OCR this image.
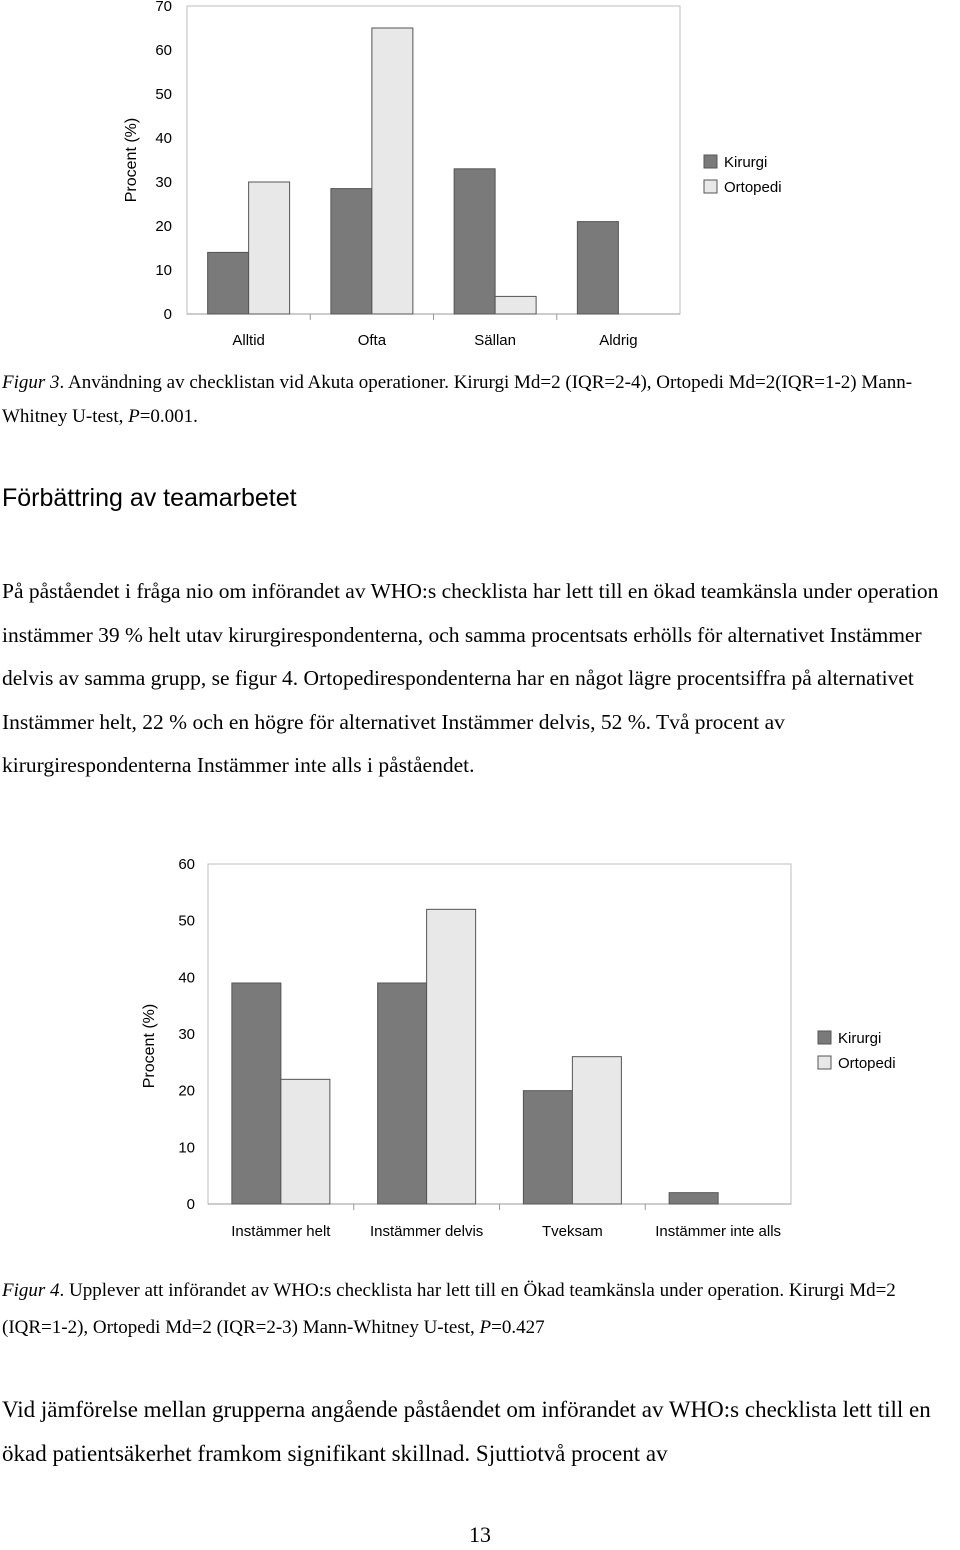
0
10
20
30
40
50
60
70
Procent (%)
Alltid	Ofta	Sällan	Aldrig
Kirurgi
Ortopedi
Figur 3. Användning av checklistan vid Akuta operationer. Kirurgi Md=2 (IQR=2-4), Ortopedi Md=2(IQR=1-2) Mann-Whitney U-test, P=0.001.
Förbättring av teamarbetet
På påståendet i fråga nio om införandet av WHO:s checklista har lett till en ökad teamkänsla under operation instämmer 39 % helt utav kirurgirespondenterna, och samma procentsats erhölls för alternativet Instämmer delvis av samma grupp, se figur 4. Ortopedirespondenterna har en något lägre procentsiffra på alternativet Instämmer helt, 22 % och en högre för alternativet Instämmer delvis, 52 %. Två procent av kirurgirespondenterna Instämmer inte alls i påståendet.
0
10
20
30
40
50
60
Procent (%)
Instämmer helt	Instämmer delvis	Tveksam	Instämmer inte alls
Kirurgi
Ortopedi
Figur 4. Upplever att införandet av WHO:s checklista har lett till en Ökad teamkänsla under operation. Kirurgi Md=2 (IQR=1-2), Ortopedi Md=2 (IQR=2-3) Mann-Whitney U-test, P=0.427
Vid jämförelse mellan grupperna angående påståendet om införandet av WHO:s checklista lett till en ökad patientsäkerhet framkom signifikant skillnad. Sjuttiotvå procent av
13
